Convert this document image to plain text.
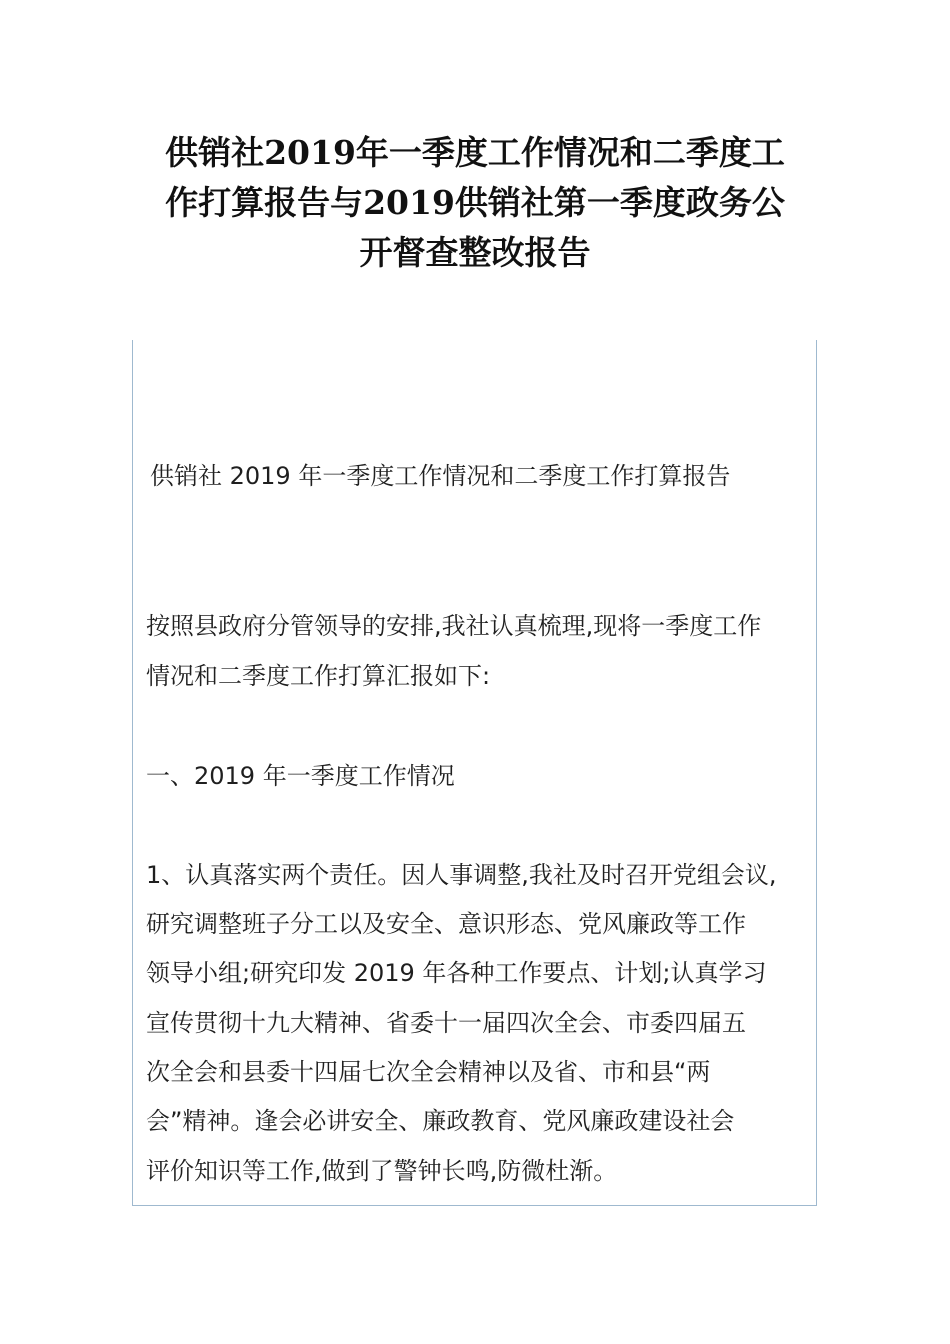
供销社2019年一季度工作情况和二季度工
作打算报告与2019供销社第一季度政务公
开督查整改报告
供销社 2019 年一季度工作情况和二季度工作打算报告
按照县政府分管领导的安排,我社认真梳理,现将一季度工作
情况和二季度工作打算汇报如下:
一、2019 年一季度工作情况
1、认真落实两个责任。因人事调整,我社及时召开党组会议,
研究调整班子分工以及安全、意识形态、党风廉政等工作
领导小组;研究印发 2019 年各种工作要点、计划;认真学习
宣传贯彻十九大精神、省委十一届四次全会、市委四届五
次全会和县委十四届七次全会精神以及省、市和县“两
会”精神。逢会必讲安全、廉政教育、党风廉政建设社会
评价知识等工作,做到了警钟长鸣,防微杜渐。
